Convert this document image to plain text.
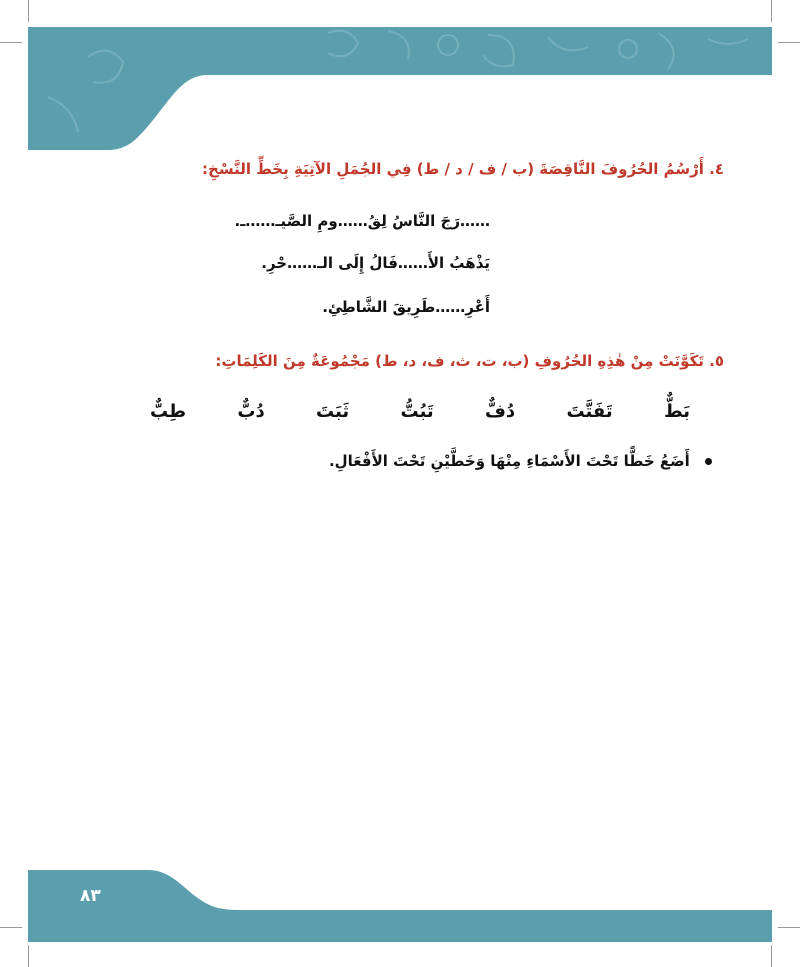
٤. أَرْسُمُ الحُرُوفَ النَّاقِصَةَ (ب / ف / د / ط) فِي الجُمَلِ الآتِيَةِ بِخَطِّ النَّسْخِ:
……رَجَ النَّاسُ لِقُ……ومِ الصَّيـ……ـ.
يَذْهَبُ الأَ……فَالُ إِلَى الـ……حْرِ.
أَعْرِ……طَرِيقَ الشَّاطِئِ.
٥. تَكَوَّنَتْ مِنْ هٰذِهِ الحُرُوفِ (ب، ت، ث، ف، د، ط) مَجْمُوعَةٌ مِنَ الكَلِمَاتِ:
طِبٌّ	دُبٌّ	ثَبَتَ	تَبُتُّ	دُفٌّ	تَفَتَّتَ	بَطٌّ
أَضَعُ خَطًّا تَحْتَ الأَسْمَاءِ مِنْهَا وَخَطَّيْنِ تَحْتَ الأَفْعَالِ.
٨٣
